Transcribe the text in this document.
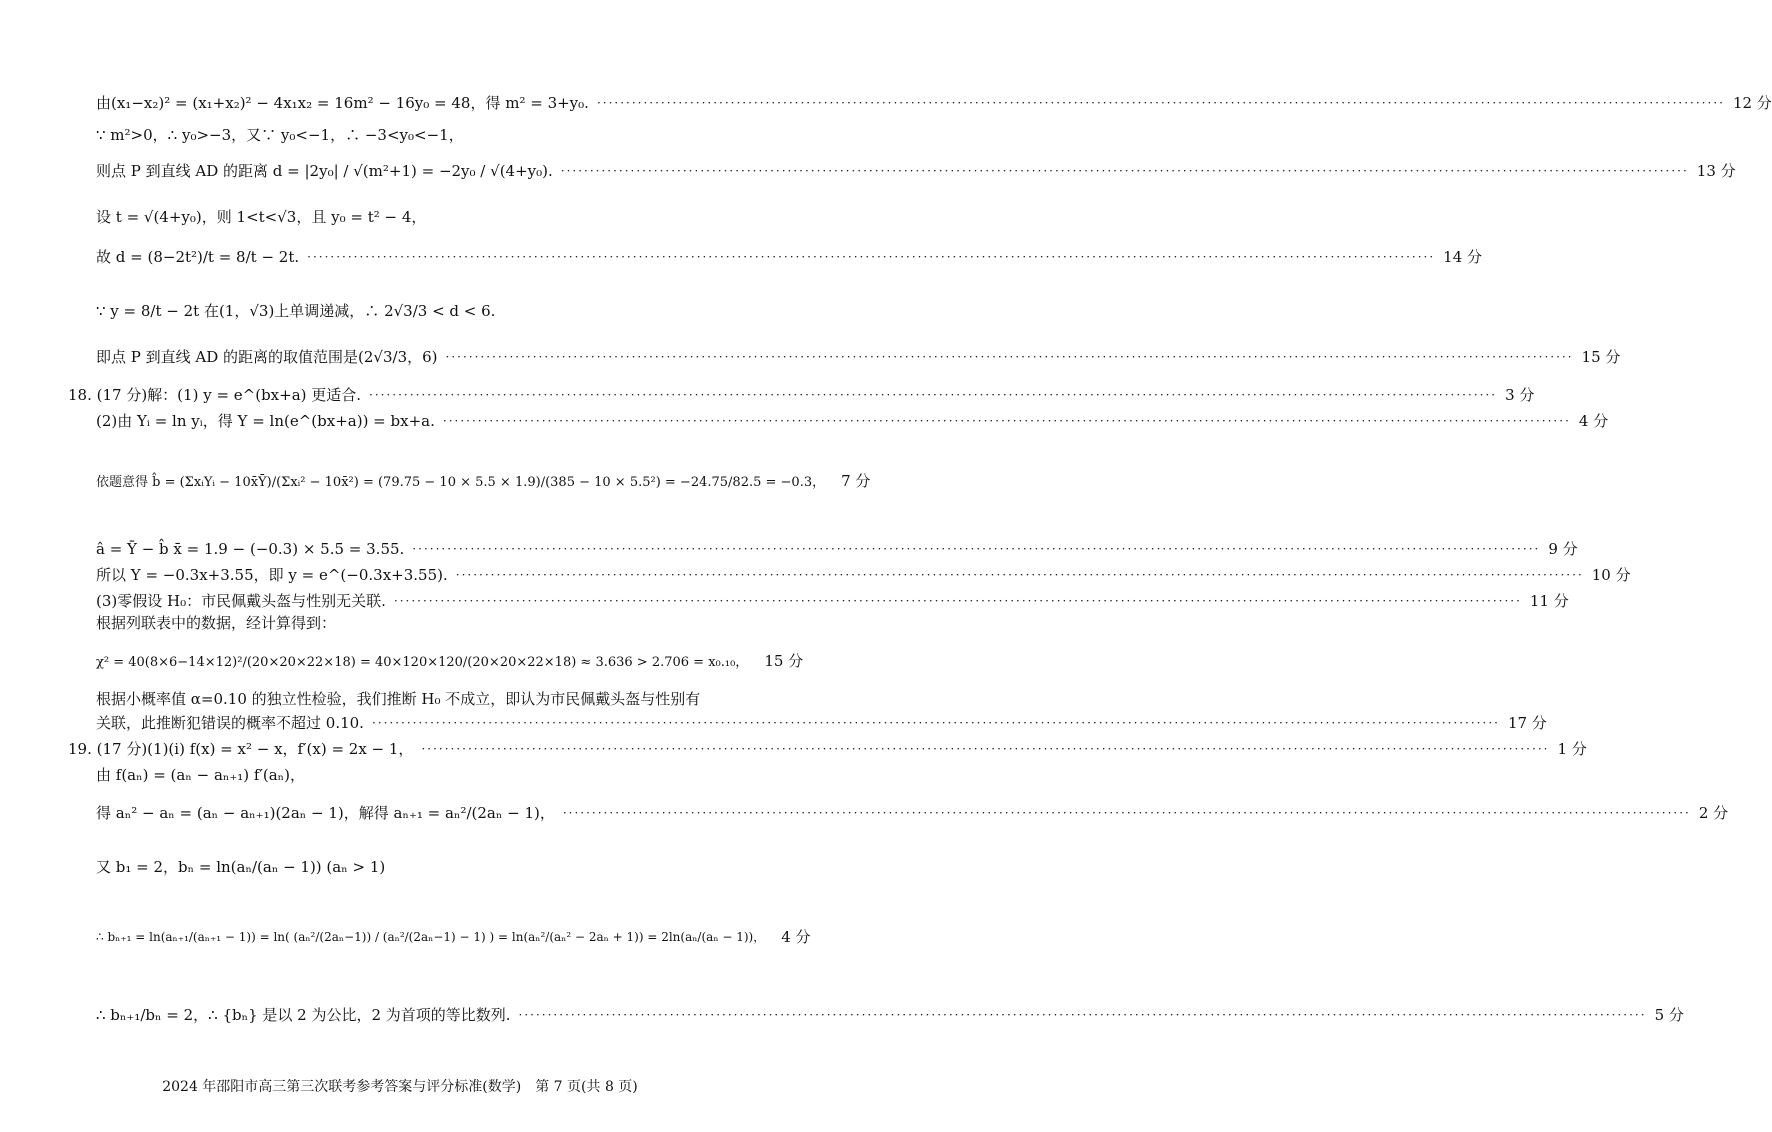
由(x₁−x₂)² = (x₁+x₂)² − 4x₁x₂ = 16m² − 16y₀ = 48，得 m² = 3+y₀. ·····	12 分
∵ m²>0，∴ y₀>−3，又∵ y₀<−1，∴ −3<y₀<−1，
则点 P 到直线 AD 的距离 d = |2y₀| / √(m²+1) = −2y₀ / √(4+y₀). ·····	13 分
设 t = √(4+y₀)，则 1<t<√3，且 y₀ = t² − 4，
故 d = (8−2t²)/t = 8/t − 2t. ·····	14 分
∵ y = 8/t − 2t 在(1，√3)上单调递减，∴ 2√3/3 < d < 6.
即点 P 到直线 AD 的距离的取值范围是(2√3/3，6) ·····	15 分
18. (17 分)解：(1) y = e^(bx+a) 更适合. ·····	3 分
(2)由 Yᵢ = ln yᵢ，得 Y = ln(e^(bx+a)) = bx+a. ·····	4 分
依题意得 b̂ = (ΣxᵢYᵢ − 10x̄Ȳ)/(Σxᵢ² − 10x̄²) = (79.75 − 10 × 5.5 × 1.9)/(385 − 10 × 5.5²) = −24.75/82.5 = −0.3， 7 分
â = Ȳ − b̂ x̄ = 1.9 − (−0.3) × 5.5 = 3.55. ·····	9 分
所以 Y = −0.3x+3.55，即 y = e^(−0.3x+3.55). ·····	10 分
(3)零假设 H₀：市民佩戴头盔与性别无关联. ·····	11 分
根据列联表中的数据，经计算得到：
χ² = 40(8×6−14×12)²/(20×20×22×18) = 40×120×120/(20×20×22×18) ≈ 3.636 > 2.706 = x₀.₁₀， 15 分
根据小概率值 α=0.10 的独立性检验，我们推断 H₀ 不成立，即认为市民佩戴头盔与性别有
关联，此推断犯错误的概率不超过 0.10. ·····	17 分
19. (17 分)(1)(ⅰ) f(x) = x² − x，f′(x) = 2x − 1， ·····	1 分
由 f(aₙ) = (aₙ − aₙ₊₁) f′(aₙ)，
得 aₙ² − aₙ = (aₙ − aₙ₊₁)(2aₙ − 1)，解得 aₙ₊₁ = aₙ²/(2aₙ − 1)， ·····	2 分
又 b₁ = 2，bₙ = ln(aₙ/(aₙ − 1)) (aₙ > 1)
∴ bₙ₊₁ = ln(aₙ₊₁/(aₙ₊₁ − 1)) = ln( (aₙ²/(2aₙ−1)) / (aₙ²/(2aₙ−1) − 1) ) = ln(aₙ²/(aₙ² − 2aₙ + 1)) = 2ln(aₙ/(aₙ − 1))， 4 分
∴ bₙ₊₁/bₙ = 2，∴ {bₙ} 是以 2 为公比，2 为首项的等比数列. ·····	5 分
2024 年邵阳市高三第三次联考参考答案与评分标准(数学)　第 7 页(共 8 页)
